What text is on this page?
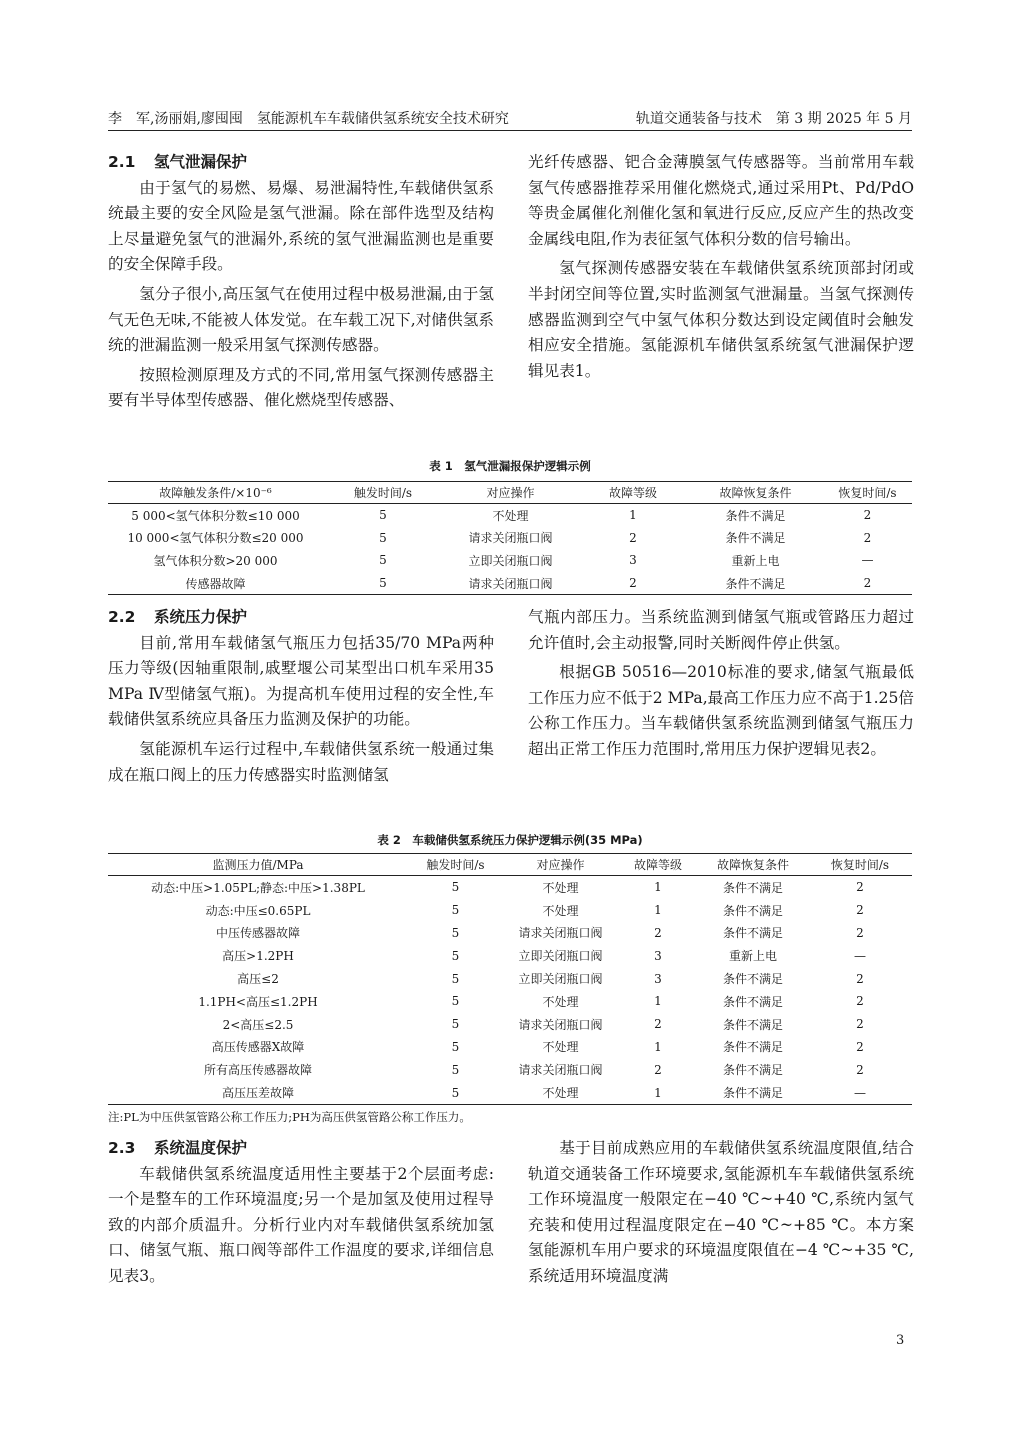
李　军,汤丽娟,廖囤囤　氢能源机车车载储供氢系统安全技术研究	轨道交通装备与技术　第 3 期 2025 年 5 月
2.1 氢气泄漏保护

由于氢气的易燃、易爆、易泄漏特性,车载储供氢系统最主要的安全风险是氢气泄漏。除在部件选型及结构上尽量避免氢气的泄漏外,系统的氢气泄漏监测也是重要的安全保障手段。

氢分子很小,高压氢气在使用过程中极易泄漏,由于氢气无色无味,不能被人体发觉。在车载工况下,对储供氢系统的泄漏监测一般采用氢气探测传感器。

按照检测原理及方式的不同,常用氢气探测传感器主要有半导体型传感器、催化燃烧型传感器、

光纤传感器、钯合金薄膜氢气传感器等。当前常用车载氢气传感器推荐采用催化燃烧式,通过采用Pt、Pd/PdO 等贵金属催化剂催化氢和氧进行反应,反应产生的热改变金属线电阻,作为表征氢气体积分数的信号输出。

氢气探测传感器安装在车载储供氢系统顶部封闭或半封闭空间等位置,实时监测氢气泄漏量。当氢气探测传感器监测到空气中氢气体积分数达到设定阈值时会触发相应安全措施。氢能源机车储供氢系统氢气泄漏保护逻辑见表1。

表 1　氢气泄漏报保护逻辑示例
故障触发条件/×10⁻⁶	触发时间/s	对应操作	故障等级	故障恢复条件	恢复时间/s
5 000<氢气体积分数≤10 000	5	不处理	1	条件不满足	2
10 000<氢气体积分数≤20 000	5	请求关闭瓶口阀	2	条件不满足	2
氢气体积分数>20 000	5	立即关闭瓶口阀	3	重新上电	—
传感器故障	5	请求关闭瓶口阀	2	条件不满足	2
2.2 系统压力保护

目前,常用车载储氢气瓶压力包括35/70 MPa两种压力等级(因轴重限制,戚墅堰公司某型出口机车采用35 MPa Ⅳ型储氢气瓶)。为提高机车使用过程的安全性,车载储供氢系统应具备压力监测及保护的功能。

氢能源机车运行过程中,车载储供氢系统一般通过集成在瓶口阀上的压力传感器实时监测储氢

气瓶内部压力。当系统监测到储氢气瓶或管路压力超过允许值时,会主动报警,同时关断阀件停止供氢。

根据GB 50516—2010标准的要求,储氢气瓶最低工作压力应不低于2 MPa,最高工作压力应不高于1.25倍公称工作压力。当车载储供氢系统监测到储氢气瓶压力超出正常工作压力范围时,常用压力保护逻辑见表2。

表 2　车载储供氢系统压力保护逻辑示例(35 MPa)
监测压力值/MPa	触发时间/s	对应操作	故障等级	故障恢复条件	恢复时间/s
动态:中压>1.05PL;静态:中压>1.38PL	5	不处理	1	条件不满足	2
动态:中压≤0.65PL	5	不处理	1	条件不满足	2
中压传感器故障	5	请求关闭瓶口阀	2	条件不满足	2
高压>1.2PH	5	立即关闭瓶口阀	3	重新上电	—
高压≤2	5	立即关闭瓶口阀	3	条件不满足	2
1.1PH<高压≤1.2PH	5	不处理	1	条件不满足	2
2<高压≤2.5	5	请求关闭瓶口阀	2	条件不满足	2
高压传感器X故障	5	不处理	1	条件不满足	2
所有高压传感器故障	5	请求关闭瓶口阀	2	条件不满足	2
高压压差故障	5	不处理	1	条件不满足	—
注:PL为中压供氢管路公称工作压力;PH为高压供氢管路公称工作压力。
2.3 系统温度保护

车载储供氢系统温度适用性主要基于2个层面考虑:一个是整车的工作环境温度;另一个是加氢及使用过程导致的内部介质温升。分析行业内对车载储供氢系统加氢口、储氢气瓶、瓶口阀等部件工作温度的要求,详细信息见表3。

基于目前成熟应用的车载储供氢系统温度限值,结合轨道交通装备工作环境要求,氢能源机车车载储供氢系统工作环境温度一般限定在−40 ℃~+40 ℃,系统内氢气充装和使用过程温度限定在−40 ℃~+85 ℃。本方案氢能源机车用户要求的环境温度限值在−4 ℃~+35 ℃,系统适用环境温度满

3
